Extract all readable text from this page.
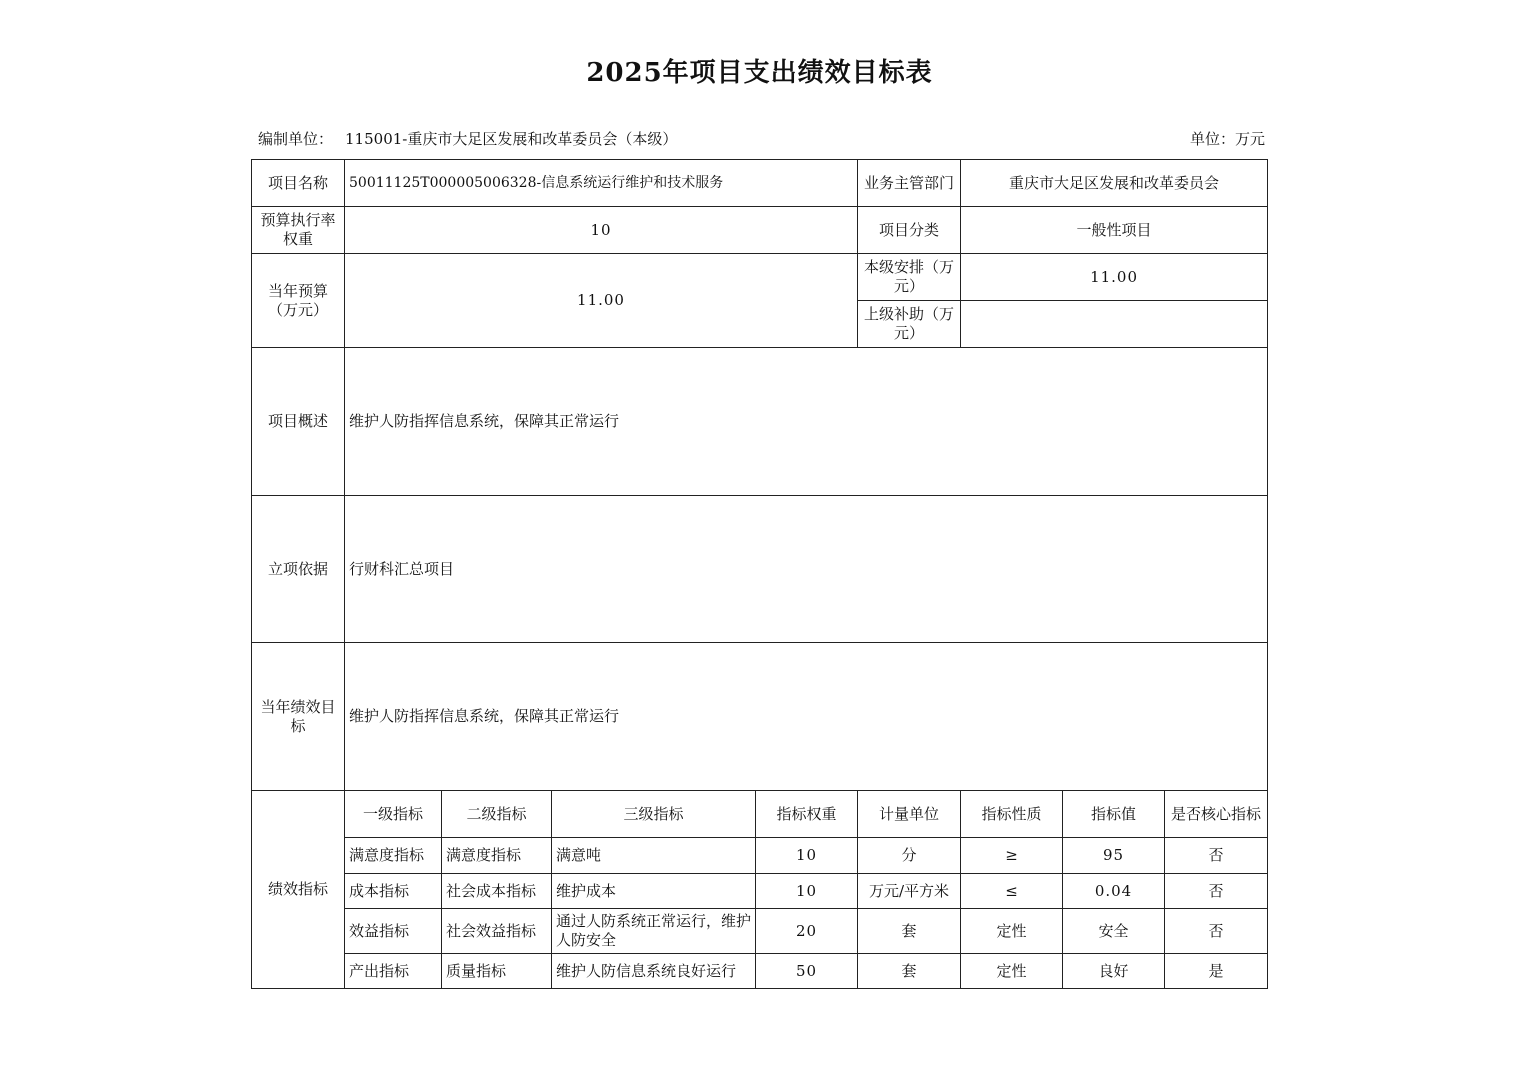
2025年项目支出绩效目标表
编制单位： 115001-重庆市大足区发展和改革委员会（本级）	单位：万元
项目名称	50011125T000005006328-信息系统运行维护和技术服务				业务主管部门	重庆市大足区发展和改革委员会		
预算执行率权重	10				项目分类	一般性项目		
当年预算（万元）	11.00				本级安排（万元）	11.00		
					上级补助（万元）			
项目概述	维护人防指挥信息系统，保障其正常运行							
立项依据	行财科汇总项目							
当年绩效目标	维护人防指挥信息系统，保障其正常运行							
绩效指标	一级指标	二级指标	三级指标	指标权重	计量单位	指标性质	指标值	是否核心指标
	满意度指标	满意度指标	满意吨	10	分	≥	95	否
	成本指标	社会成本指标	维护成本	10	万元/平方米	≤	0.04	否
	效益指标	社会效益指标	通过人防系统正常运行，维护人防安全	20	套	定性	安全	否
	产出指标	质量指标	维护人防信息系统良好运行	50	套	定性	良好	是
